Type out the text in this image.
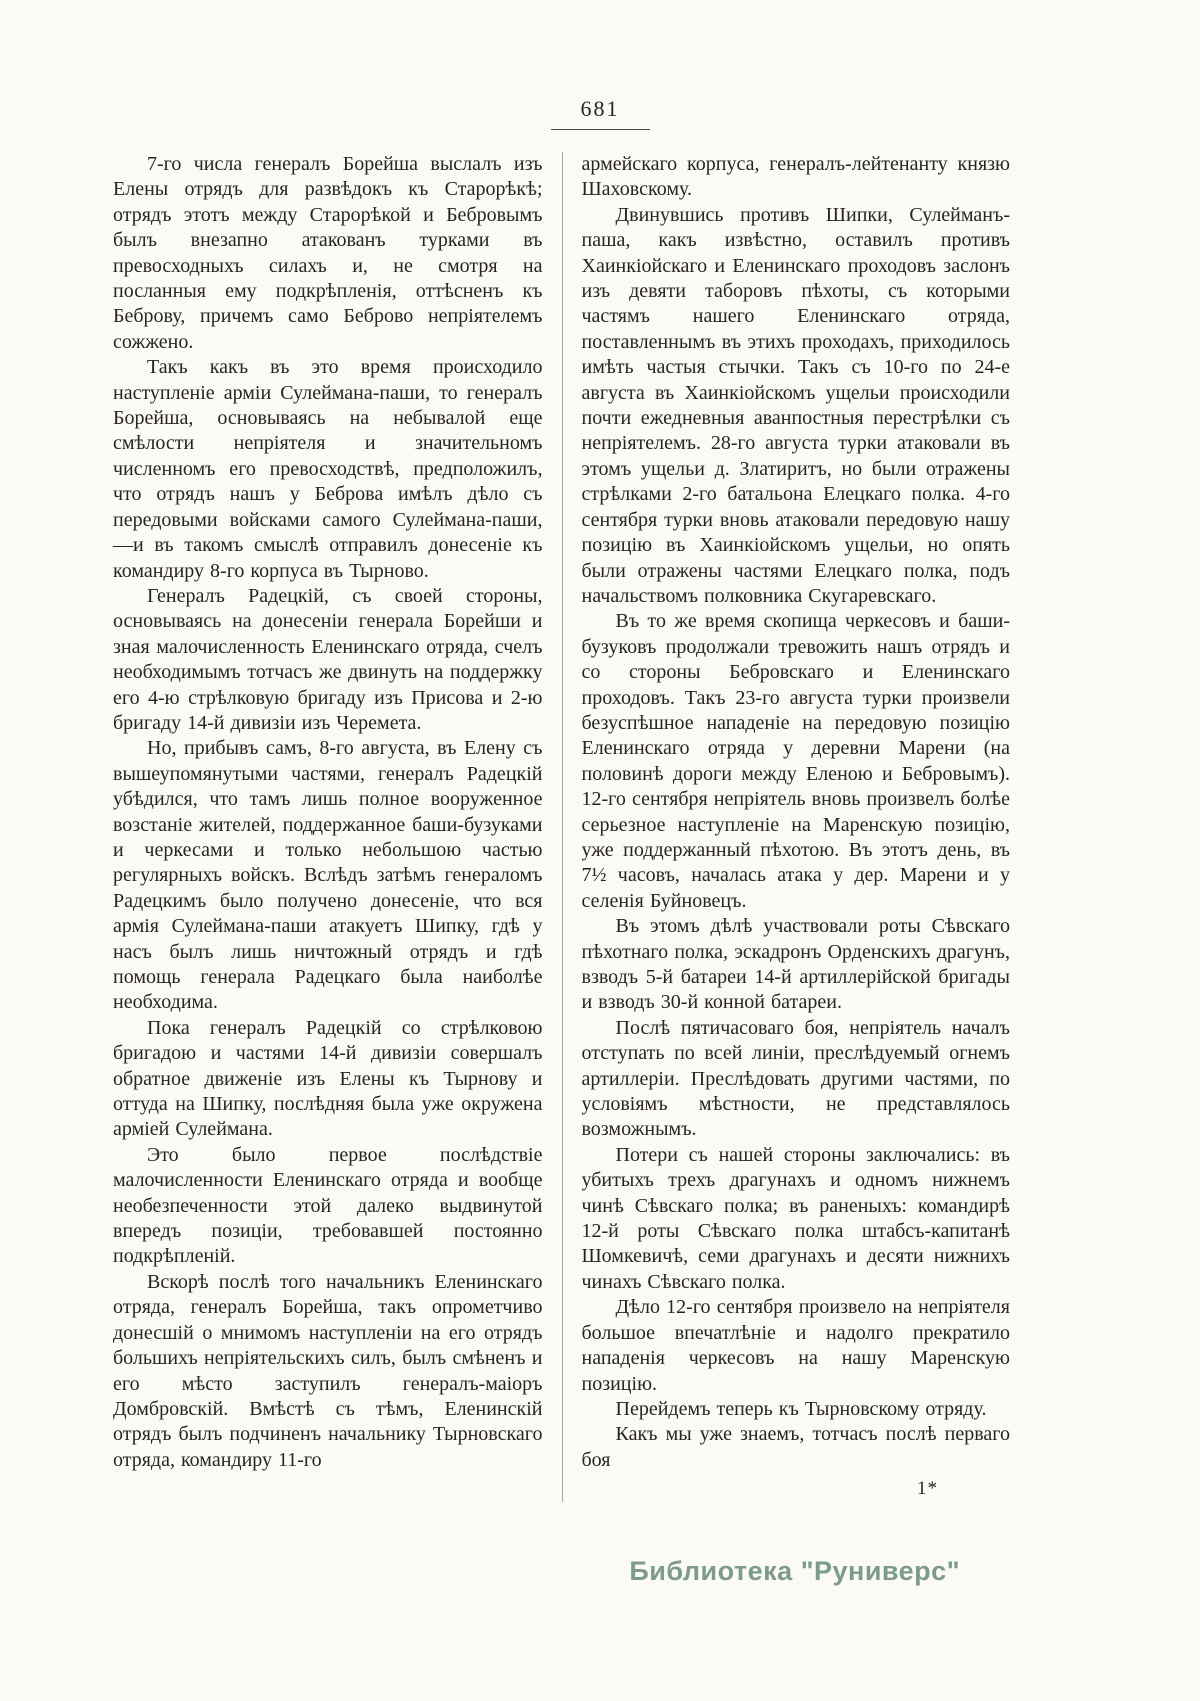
681

7-го числа генералъ Борейша выслалъ изъ Елены отрядъ для развѣдокъ къ Старорѣкѣ; отрядъ этотъ между Старорѣкой и Бебровымъ былъ внезапно атакованъ турками въ превосходныхъ силахъ и, не смотря на посланныя ему подкрѣпленія, оттѣсненъ къ Беброву, причемъ само Беброво непріятелемъ сожжено.

Такъ какъ въ это время происходило наступленіе арміи Сулеймана-паши, то генералъ Борейша, основываясь на небывалой еще смѣлости непріятеля и значительномъ численномъ его превосходствѣ, предположилъ, что отрядъ нашъ у Беброва имѣлъ дѣло съ передовыми войсками самого Сулеймана-паши,—и въ такомъ смыслѣ отправилъ донесеніе къ командиру 8-го корпуса въ Тырново.

Генералъ Радецкій, съ своей стороны, основываясь на донесеніи генерала Борейши и зная малочисленность Еленинскаго отряда, счелъ необходимымъ тотчасъ же двинуть на поддержку его 4-ю стрѣлковую бригаду изъ Присова и 2-ю бригаду 14-й дивизіи изъ Черемета.

Но, прибывъ самъ, 8-го августа, въ Елену съ вышеупомянутыми частями, генералъ Радецкій убѣдился, что тамъ лишь полное вооруженное возстаніе жителей, поддержанное баши-бузуками и черкесами и только небольшою частью регулярныхъ войскъ. Вслѣдъ затѣмъ генераломъ Радецкимъ было получено донесеніе, что вся армія Сулеймана-паши атакуетъ Шипку, гдѣ у насъ былъ лишь ничтожный отрядъ и гдѣ помощь генерала Радецкаго была наиболѣе необходима.

Пока генералъ Радецкій со стрѣлковою бригадою и частями 14-й дивизіи совершалъ обратное движеніе изъ Елены къ Тырнову и оттуда на Шипку, послѣдняя была уже окружена арміей Сулеймана.

Это было первое послѣдствіе малочисленности Еленинскаго отряда и вообще необезпеченности этой далеко выдвинутой впередъ позиціи, требовавшей постоянно подкрѣпленій.

Вскорѣ послѣ того начальникъ Еленинскаго отряда, генералъ Борейша, такъ опрометчиво донесшій о мнимомъ наступленіи на его отрядъ большихъ непріятельскихъ силъ, былъ смѣненъ и его мѣсто заступилъ генералъ-маіоръ Домбровскій. Вмѣстѣ съ тѣмъ, Еленинскій отрядъ былъ подчиненъ начальнику Тырновскаго отряда, командиру 11-го

армейскаго корпуса, генералъ-лейтенанту князю Шаховскому.

Двинувшись противъ Шипки, Сулейманъ-паша, какъ извѣстно, оставилъ противъ Хаинкіойскаго и Еленинскаго проходовъ заслонъ изъ девяти таборовъ пѣхоты, съ которыми частямъ нашего Еленинскаго отряда, поставленнымъ въ этихъ проходахъ, приходилось имѣть частыя стычки. Такъ съ 10-го по 24-е августа въ Хаинкіойскомъ ущельи происходили почти ежедневныя аванпостныя перестрѣлки съ непріятелемъ. 28-го августа турки атаковали въ этомъ ущельи д. Златиритъ, но были отражены стрѣлками 2-го батальона Елецкаго полка. 4-го сентября турки вновь атаковали передовую нашу позицію въ Хаинкіойскомъ ущельи, но опять были отражены частями Елецкаго полка, подъ начальствомъ полковника Скугаревскаго.

Въ то же время скопища черкесовъ и баши-бузуковъ продолжали тревожить нашъ отрядъ и со стороны Бебровскаго и Еленинскаго проходовъ. Такъ 23-го августа турки произвели безуспѣшное нападеніе на передовую позицію Еленинскаго отряда у деревни Марени (на половинѣ дороги между Еленою и Бебровымъ). 12-го сентября непріятель вновь произвелъ болѣе серьезное наступленіе на Маренскую позицію, уже поддержанный пѣхотою. Въ этотъ день, въ 7½ часовъ, началась атака у дер. Марени и у селенія Буйновецъ.

Въ этомъ дѣлѣ участвовали роты Сѣвскаго пѣхотнаго полка, эскадронъ Орденскихъ драгунъ, взводъ 5-й батареи 14-й артиллерійской бригады и взводъ 30-й конной батареи.

Послѣ пятичасоваго боя, непріятель началъ отступать по всей линіи, преслѣдуемый огнемъ артиллеріи. Преслѣдовать другими частями, по условіямъ мѣстности, не представлялось возможнымъ.

Потери съ нашей стороны заключались: въ убитыхъ трехъ драгунахъ и одномъ нижнемъ чинѣ Сѣвскаго полка; въ раненыхъ: командирѣ 12-й роты Сѣвскаго полка штабсъ-капитанѣ Шомкевичѣ, семи драгунахъ и десяти нижнихъ чинахъ Сѣвскаго полка.

Дѣло 12-го сентября произвело на непріятеля большое впечатлѣніе и надолго прекратило нападенія черкесовъ на нашу Маренскую позицію.

Перейдемъ теперь къ Тырновскому отряду.

Какъ мы уже знаемъ, тотчасъ послѣ перваго боя

1*
Библиотека "Руниверс"
